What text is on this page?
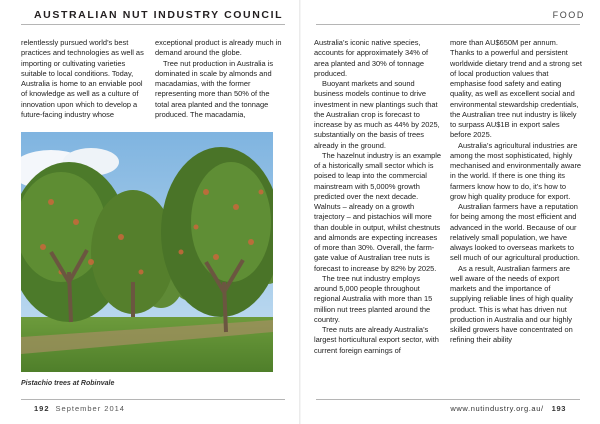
AUSTRALIAN NUT INDUSTRY COUNCIL	FOOD

relentlessly pursued world’s best practices and technologies as well as importing or cultivating varieties suitable to local conditions. Today, Australia is home to an enviable pool of knowledge as well as a culture of innovation upon which to develop a future-facing industry whose

exceptional product is already much in demand around the globe.

Tree nut production in Australia is dominated in scale by almonds and macadamias, with the former representing more than 50% of the total area planted and the tonnage produced. The macadamia,

Australia’s iconic native species, accounts for approximately 34% of area planted and 30% of tonnage produced.

Buoyant markets and sound business models continue to drive investment in new plantings such that the Australian crop is forecast to increase by as much as 44% by 2025, substantially on the basis of trees already in the ground.

The hazelnut industry is an example of a historically small sector which is poised to leap into the commercial mainstream with 5,000% growth predicted over the next decade. Walnuts – already on a growth trajectory – and pistachios will more than double in output, whilst chestnuts and almonds are expecting increases of more than 30%. Overall, the farm-gate value of Australian tree nuts is forecast to increase by 82% by 2025.

The tree nut industry employs around 5,000 people throughout regional Australia with more than 15 million nut trees planted around the country.

Tree nuts are already Australia’s largest horticultural export sector, with current foreign earnings of

more than AU$650M per annum. Thanks to a powerful and persistent worldwide dietary trend and a strong set of local production values that emphasise food safety and eating quality, as well as excellent social and environmental stewardship credentials, the Australian tree nut industry is likely to surpass AU$1B in export sales before 2025.

Australia’s agricultural industries are among the most sophisticated, highly mechanised and environmentally aware in the world. If there is one thing its farmers know how to do, it’s how to grow high quality produce for export.

Australian farmers have a reputation for being among the most efficient and advanced in the world. Because of our relatively small population, we have always looked to overseas markets to sell much of our agricultural production.

As a result, Australian farmers are well aware of the needs of export markets and the importance of supplying reliable lines of high quality product. This is what has driven nut production in Australia and our highly skilled growers have concentrated on refining their ability

Pistachio trees at Robinvale
192 September 2014	www.nutindustry.org.au/ 193
